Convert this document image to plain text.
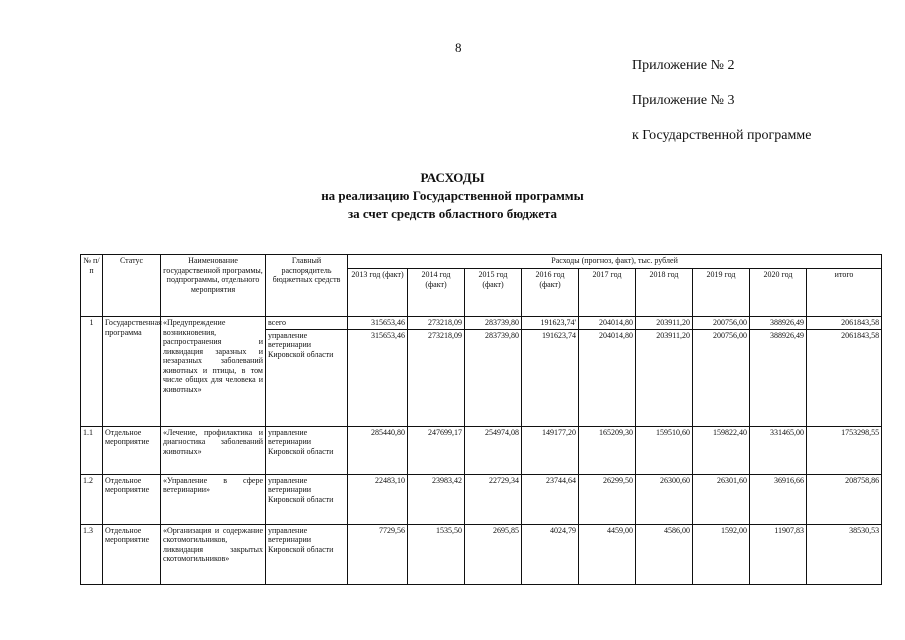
8
Приложение № 2
Приложение № 3
к Государственной программе
РАСХОДЫ
на реализацию Государственной программы
за счет средств областного бюджета
№ п/п	Статус	Наименование государственной программы, подпрограммы, отдельного мероприятия	Главный распорядитель бюджетных средств	Расходы (прогноз, факт), тыс. рублей								
				2013 год (факт)	2014 год (факт)	2015 год (факт)	2016 год (факт)	2017 год	2018 год	2019 год	2020 год	итого
1	Государственная программа	«Предупреждение возникновения, распространения и ликвидация заразных и незаразных заболеваний животных и птицы, в том числе общих для человека и животных»	всего	315653,46	273218,09	283739,80	191623,74'	204014,80	203911,20	200756,00	388926,49	2061843,58
			управление ветеринарии Кировской области	315653,46	273218,09	283739,80	191623,74	204014,80	203911,20	200756,00	388926,49	2061843,58
1.1	Отдельное мероприятие	«Лечение, профилактика и диагностика заболеваний животных»	управление ветеринарии Кировской области	285440,80	247699,17	254974,08	149177,20	165209,30	159510,60	159822,40	331465,00	1753298,55
1.2	Отдельное мероприятие	«Управление в сфере ветеринарии»	управление ветеринарии Кировской области	22483,10	23983,42	22729,34	23744,64	26299,50	26300,60	26301,60	36916,66	208758,86
1.3	Отдельное мероприятие	«Организация и содержание скотомогильников, ликвидация закрытых скотомогильников»	управление ветеринарии Кировской области	7729,56	1535,50	2695,85	4024,79	4459,00	4586,00	1592,00	11907,83	38530,53
